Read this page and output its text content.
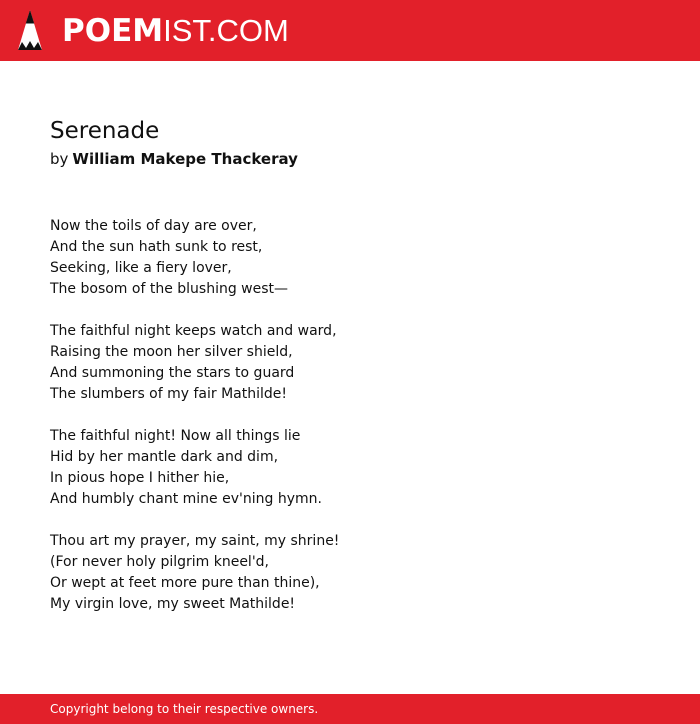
POEMIST.COM
Serenade
by William Makepe Thackeray
Now the toils of day are over,
And the sun hath sunk to rest,
Seeking, like a fiery lover,
The bosom of the blushing west—
The faithful night keeps watch and ward,
Raising the moon her silver shield,
And summoning the stars to guard
The slumbers of my fair Mathilde!
The faithful night! Now all things lie
Hid by her mantle dark and dim,
In pious hope I hither hie,
And humbly chant mine ev'ning hymn.
Thou art my prayer, my saint, my shrine!
(For never holy pilgrim kneel'd,
Or wept at feet more pure than thine),
My virgin love, my sweet Mathilde!
Copyright belong to their respective owners.
